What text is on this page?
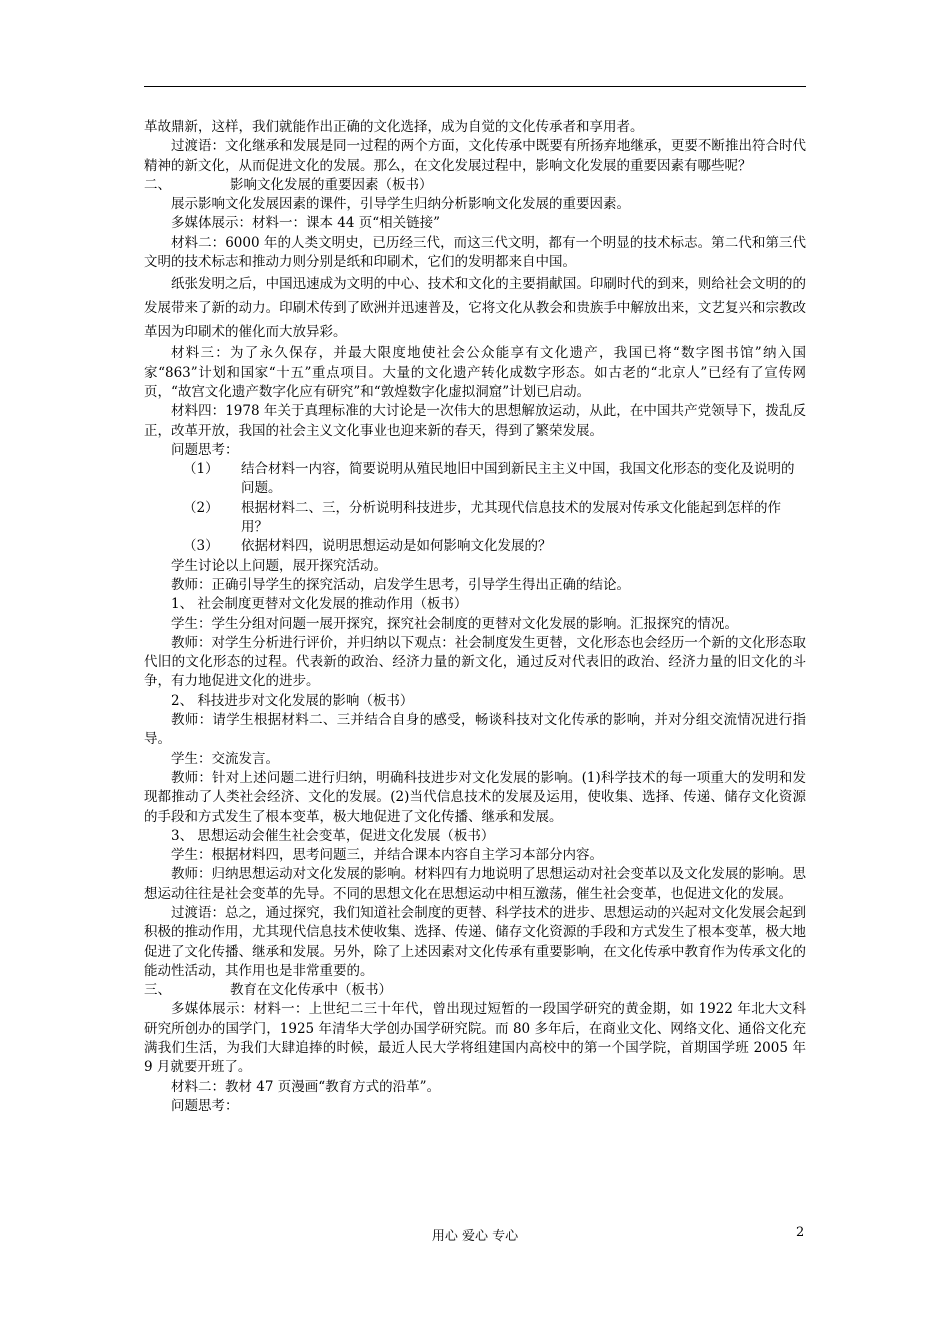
革故鼎新，这样，我们就能作出正确的文化选择，成为自觉的文化传承者和享用者。

过渡语：文化继承和发展是同一过程的两个方面，文化传承中既要有所扬弃地继承，更要不断推出符合时代精神的新文化，从而促进文化的发展。那么，在文化发展过程中，影响文化发展的重要因素有哪些呢？

二、	影响文化发展的重要因素（板书）

展示影响文化发展因素的课件，引导学生归纳分析影响文化发展的重要因素。

多媒体展示：材料一：课本 44 页“相关链接”

材料二：6000 年的人类文明史，已历经三代，而这三代文明，都有一个明显的技术标志。第二代和第三代文明的技术标志和推动力则分别是纸和印刷术，它们的发明都来自中国。

纸张发明之后，中国迅速成为文明的中心、技术和文化的主要捐献国。印刷时代的到来，则给社会文明的的发展带来了新的动力。印刷术传到了欧洲并迅速普及，它将文化从教会和贵族手中解放出来，文艺复兴和宗教改革因为印刷术的催化而大放异彩。

材料三：为了永久保存，并最大限度地使社会公众能享有文化遗产，我国已将“数字图书馆”纳入国家“863”计划和国家“十五”重点项目。大量的文化遗产转化成数字形态。如古老的“北京人”已经有了宣传网页，“故宫文化遗产数字化应有研究”和“敦煌数字化虚拟洞窟”计划已启动。

材料四：1978 年关于真理标准的大讨论是一次伟大的思想解放运动，从此，在中国共产党领导下，拨乱反正，改革开放，我国的社会主义文化事业也迎来新的春天，得到了繁荣发展。

问题思考：

（1）	结合材料一内容，简要说明从殖民地旧中国到新民主主义中国，我国文化形态的变化及说明的问题。
（2）	根据材料二、三，分析说明科技进步，尤其现代信息技术的发展对传承文化能起到怎样的作用？
（3）	依据材料四，说明思想运动是如何影响文化发展的？

学生讨论以上问题，展开探究活动。

教师：正确引导学生的探究活动，启发学生思考，引导学生得出正确的结论。

1、 社会制度更替对文化发展的推动作用（板书）

学生：学生分组对问题一展开探究，探究社会制度的更替对文化发展的影响。汇报探究的情况。

教师：对学生分析进行评价，并归纳以下观点：社会制度发生更替，文化形态也会经历一个新的文化形态取代旧的文化形态的过程。代表新的政治、经济力量的新文化，通过反对代表旧的政治、经济力量的旧文化的斗争，有力地促进文化的进步。

2、 科技进步对文化发展的影响（板书）

教师：请学生根据材料二、三并结合自身的感受，畅谈科技对文化传承的影响，并对分组交流情况进行指导。

学生：交流发言。

教师：针对上述问题二进行归纳，明确科技进步对文化发展的影响。(1)科学技术的每一项重大的发明和发现都推动了人类社会经济、文化的发展。(2)当代信息技术的发展及运用，使收集、选择、传递、储存文化资源的手段和方式发生了根本变革，极大地促进了文化传播、继承和发展。

3、 思想运动会催生社会变革，促进文化发展（板书）

学生：根据材料四，思考问题三，并结合课本内容自主学习本部分内容。

教师：归纳思想运动对文化发展的影响。材料四有力地说明了思想运动对社会变革以及文化发展的影响。思想运动往往是社会变革的先导。不同的思想文化在思想运动中相互激荡，催生社会变革，也促进文化的发展。

过渡语：总之，通过探究，我们知道社会制度的更替、科学技术的进步、思想运动的兴起对文化发展会起到积极的推动作用，尤其现代信息技术使收集、选择、传递、储存文化资源的手段和方式发生了根本变革，极大地促进了文化传播、继承和发展。另外，除了上述因素对文化传承有重要影响，在文化传承中教育作为传承文化的能动性活动，其作用也是非常重要的。

三、	教育在文化传承中（板书）

多媒体展示：材料一：上世纪二三十年代，曾出现过短暂的一段国学研究的黄金期，如 1922 年北大文科研究所创办的国学门，1925 年清华大学创办国学研究院。而 80 多年后，在商业文化、网络文化、通俗文化充满我们生活，为我们大肆追捧的时候，最近人民大学将组建国内高校中的第一个国学院，首期国学班 2005 年 9 月就要开班了。

材料二：教材 47 页漫画“教育方式的沿革”。

问题思考：

用心 爱心 专心	2
